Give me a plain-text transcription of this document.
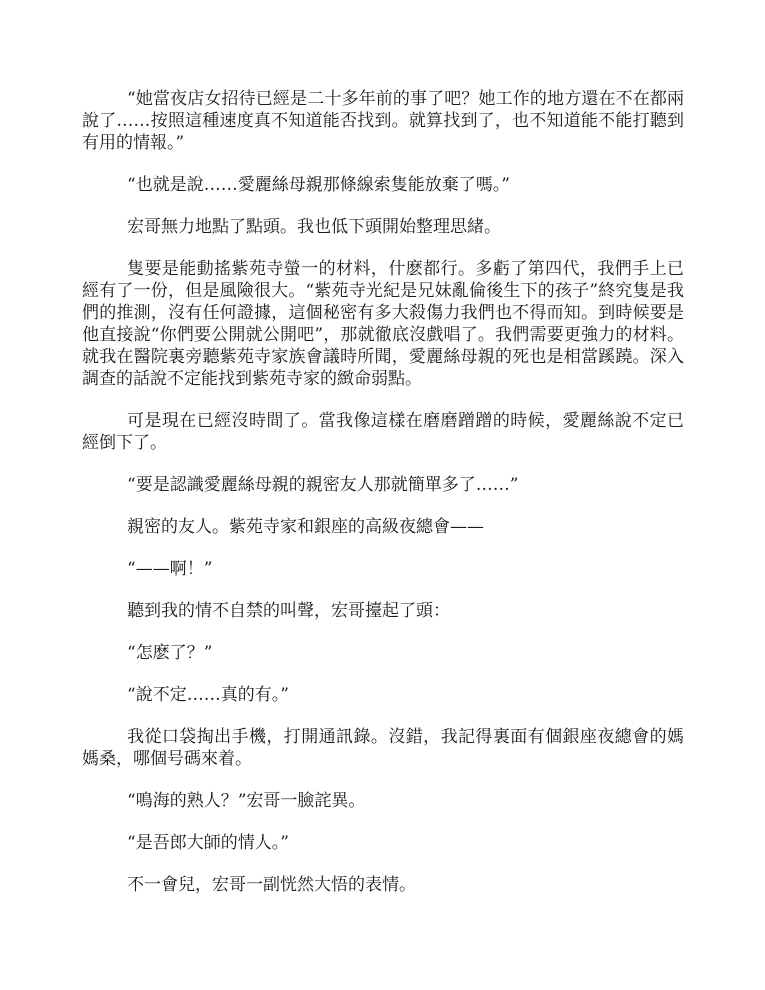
“她當夜店女招待已經是二十多年前的事了吧？她工作的地方還在不在都兩說了……按照這種速度真不知道能否找到。就算找到了，也不知道能不能打聽到有用的情報。”

“也就是說……愛麗絲母親那條線索隻能放棄了嗎。”

宏哥無力地點了點頭。我也低下頭開始整理思緒。

隻要是能動搖紫苑寺螢一的材料，什麽都行。多虧了第四代，我們手上已經有了一份，但是風險很大。“紫苑寺光紀是兄妹亂倫後生下的孩子”終究隻是我們的推測，沒有任何證據，這個秘密有多大殺傷力我們也不得而知。到時候要是他直接說“你們要公開就公開吧”，那就徹底沒戲唱了。我們需要更強力的材料。就我在醫院裏旁聽紫苑寺家族會議時所聞，愛麗絲母親的死也是相當蹊蹺。深入調查的話說不定能找到紫苑寺家的緻命弱點。

可是現在已經沒時間了。當我像這樣在磨磨蹭蹭的時候，愛麗絲說不定已經倒下了。

“要是認識愛麗絲母親的親密友人那就簡單多了……”

親密的友人。紫苑寺家和銀座的高級夜總會——

“——啊！”

聽到我的情不自禁的叫聲，宏哥擡起了頭：

“怎麽了？”

“說不定……真的有。”

我從口袋掏出手機，打開通訊錄。沒錯，我記得裏面有個銀座夜總會的媽媽桑，哪個号碼來着。

“鳴海的熟人？”宏哥一臉詫異。

“是吾郎大師的情人。”

不一會兒，宏哥一副恍然大悟的表情。
